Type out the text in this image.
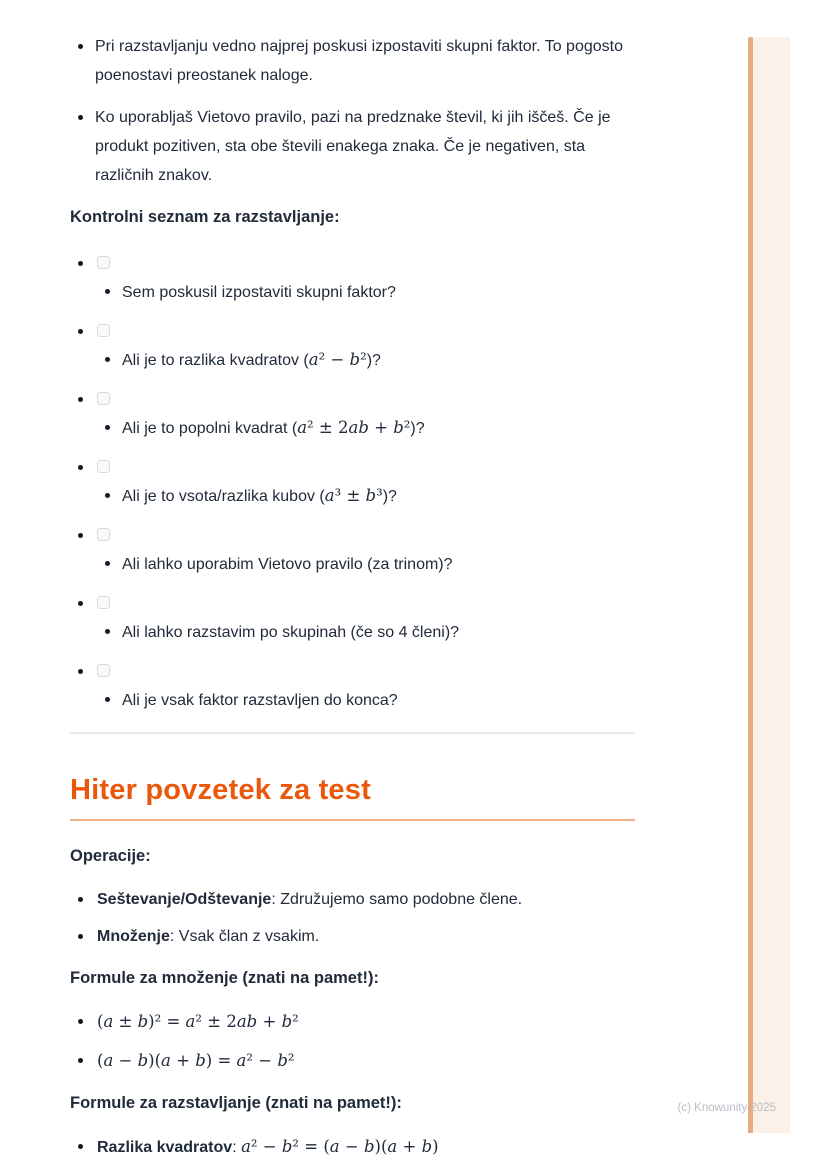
Pri razstavljanju vedno najprej poskusi izpostaviti skupni faktor. To pogosto poenostavi preostanek naloge.
Ko uporabljaš Vietovo pravilo, pazi na predznake števil, ki jih iščeš. Če je produkt pozitiven, sta obe števili enakega znaka. Če je negativen, sta različnih znakov.

Kontrolni seznam za razstavljanje:

Sem poskusil izpostaviti skupni faktor?
Ali je to razlika kvadratov (a² − b²)?
Ali je to popolni kvadrat (a² ± 2ab + b²)?
Ali je to vsota/razlika kubov (a³ ± b³)?
Ali lahko uporabim Vietovo pravilo (za trinom)?
Ali lahko razstavim po skupinah (če so 4 členi)?
Ali je vsak faktor razstavljen do konca?
Hiter povzetek za test

Operacije:

Seštevanje/Odštevanje: Združujemo samo podobne člene.
Množenje: Vsak član z vsakim.

Formule za množenje (znati na pamet!):

(a ± b)² = a² ± 2ab + b²
(a − b)(a + b) = a² − b²

Formule za razstavljanje (znati na pamet!):

Razlika kvadratov: a² − b² = (a − b)(a + b)
(c) Knowunity 2025
